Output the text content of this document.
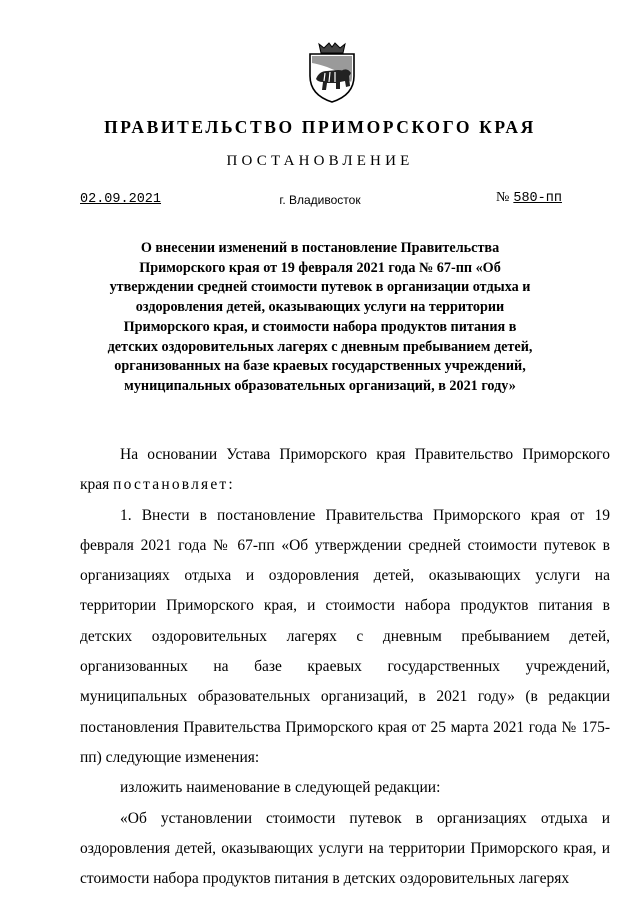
ПРАВИТЕЛЬСТВО ПРИМОРСКОГО КРАЯ
ПОСТАНОВЛЕНИЕ
02.09.2021	г. Владивосток	№ 580-пп
О внесении изменений в постановление Правительства Приморского края от 19 февраля 2021 года № 67-пп «Об утверждении средней стоимости путевок в организации отдыха и оздоровления детей, оказывающих услуги на территории Приморского края, и стоимости набора продуктов питания в детских оздоровительных лагерях с дневным пребыванием детей, организованных на базе краевых государственных учреждений, муниципальных образовательных организаций, в 2021 году»

На основании Устава Приморского края Правительство Приморского края постановляет:

1. Внести в постановление Правительства Приморского края от 19 февраля 2021 года № 67-пп «Об утверждении средней стоимости путевок в организациях отдыха и оздоровления детей, оказывающих услуги на территории Приморского края, и стоимости набора продуктов питания в детских оздоровительных лагерях с дневным пребыванием детей, организованных на базе краевых государственных учреждений, муниципальных образовательных организаций, в 2021 году» (в редакции постановления Правительства Приморского края от 25 марта 2021 года № 175-пп) следующие изменения:

изложить наименование в следующей редакции:

«Об установлении стоимости путевок в организациях отдыха и оздоровления детей, оказывающих услуги на территории Приморского края, и стоимости набора продуктов питания в детских оздоровительных лагерях
